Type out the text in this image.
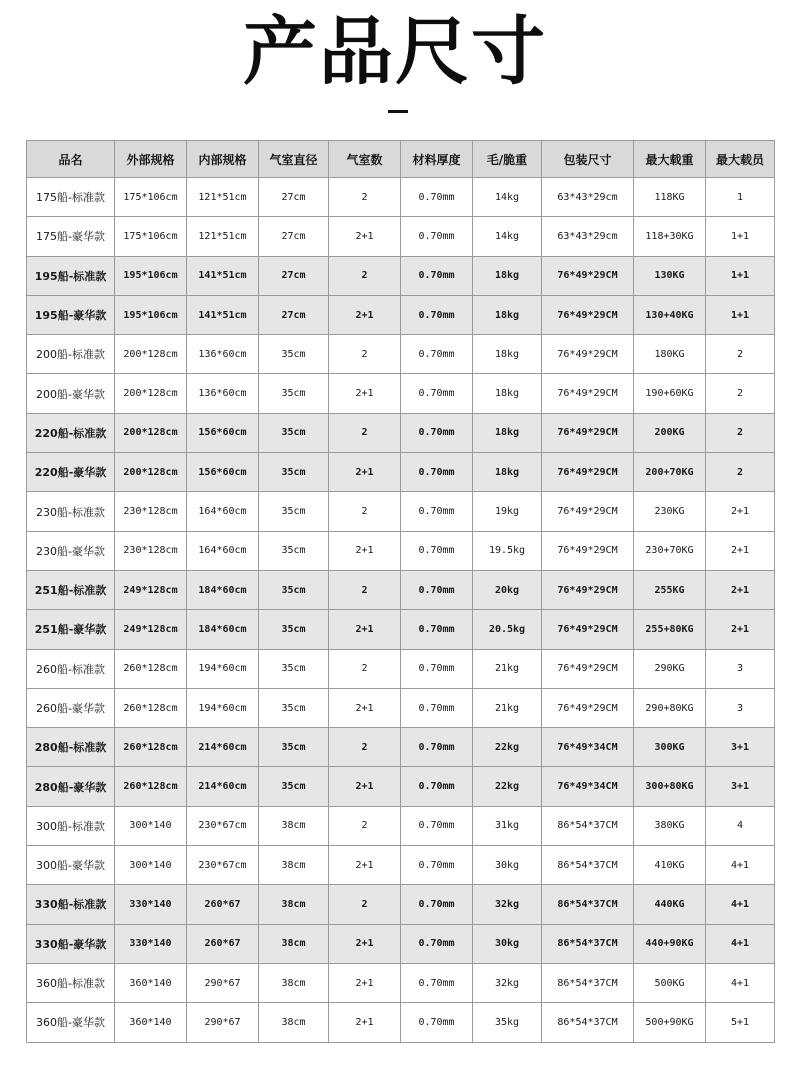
产品尺寸
品名	外部规格	内部规格	气室直径	气室数	材料厚度	毛/脆重	包装尺寸	最大载重	最大载员
175船-标准款	175*106cm	121*51cm	27cm	2	0.70mm	14kg	63*43*29cm	118KG	1
175船-豪华款	175*106cm	121*51cm	27cm	2+1	0.70mm	14kg	63*43*29cm	118+30KG	1+1
195船-标准款	195*106cm	141*51cm	27cm	2	0.70mm	18kg	76*49*29CM	130KG	1+1
195船-豪华款	195*106cm	141*51cm	27cm	2+1	0.70mm	18kg	76*49*29CM	130+40KG	1+1
200船-标准款	200*128cm	136*60cm	35cm	2	0.70mm	18kg	76*49*29CM	180KG	2
200船-豪华款	200*128cm	136*60cm	35cm	2+1	0.70mm	18kg	76*49*29CM	190+60KG	2
220船-标准款	200*128cm	156*60cm	35cm	2	0.70mm	18kg	76*49*29CM	200KG	2
220船-豪华款	200*128cm	156*60cm	35cm	2+1	0.70mm	18kg	76*49*29CM	200+70KG	2
230船-标准款	230*128cm	164*60cm	35cm	2	0.70mm	19kg	76*49*29CM	230KG	2+1
230船-豪华款	230*128cm	164*60cm	35cm	2+1	0.70mm	19.5kg	76*49*29CM	230+70KG	2+1
251船-标准款	249*128cm	184*60cm	35cm	2	0.70mm	20kg	76*49*29CM	255KG	2+1
251船-豪华款	249*128cm	184*60cm	35cm	2+1	0.70mm	20.5kg	76*49*29CM	255+80KG	2+1
260船-标准款	260*128cm	194*60cm	35cm	2	0.70mm	21kg	76*49*29CM	290KG	3
260船-豪华款	260*128cm	194*60cm	35cm	2+1	0.70mm	21kg	76*49*29CM	290+80KG	3
280船-标准款	260*128cm	214*60cm	35cm	2	0.70mm	22kg	76*49*34CM	300KG	3+1
280船-豪华款	260*128cm	214*60cm	35cm	2+1	0.70mm	22kg	76*49*34CM	300+80KG	3+1
300船-标准款	300*140	230*67cm	38cm	2	0.70mm	31kg	86*54*37CM	380KG	4
300船-豪华款	300*140	230*67cm	38cm	2+1	0.70mm	30kg	86*54*37CM	410KG	4+1
330船-标准款	330*140	260*67	38cm	2	0.70mm	32kg	86*54*37CM	440KG	4+1
330船-豪华款	330*140	260*67	38cm	2+1	0.70mm	30kg	86*54*37CM	440+90KG	4+1
360船-标准款	360*140	290*67	38cm	2+1	0.70mm	32kg	86*54*37CM	500KG	4+1
360船-豪华款	360*140	290*67	38cm	2+1	0.70mm	35kg	86*54*37CM	500+90KG	5+1
